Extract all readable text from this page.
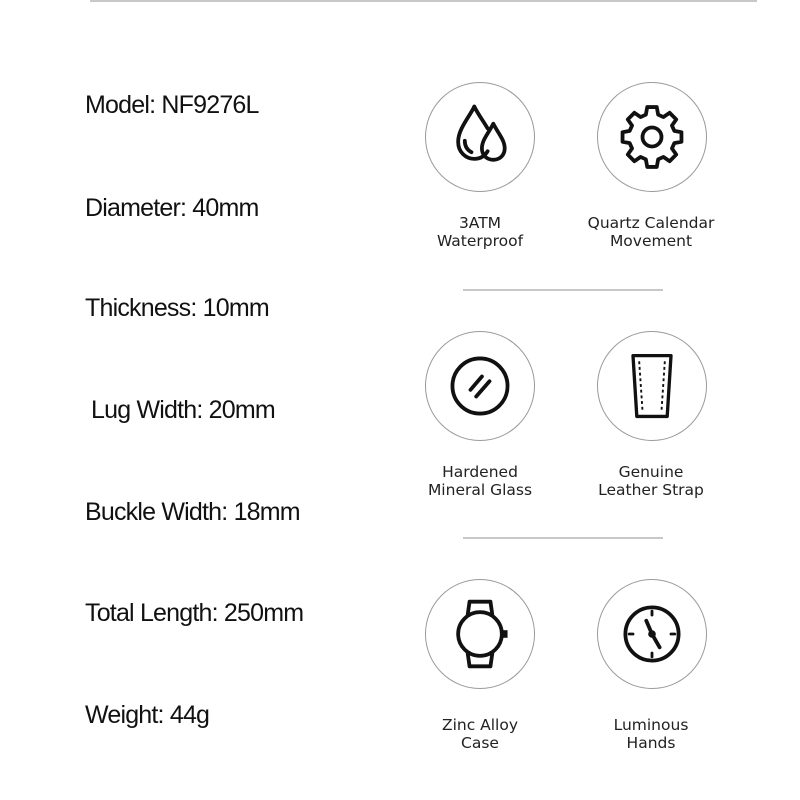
Model: NF9276L
Diameter: 40mm
Thickness: 10mm
Lug Width: 20mm
Buckle Width: 18mm
Total Length: 250mm
Weight: 44g
3ATM
Waterproof
Quartz Calendar
Movement
Hardened
Mineral Glass
Genuine
Leather Strap
Zinc Alloy
Case
Luminous
Hands
